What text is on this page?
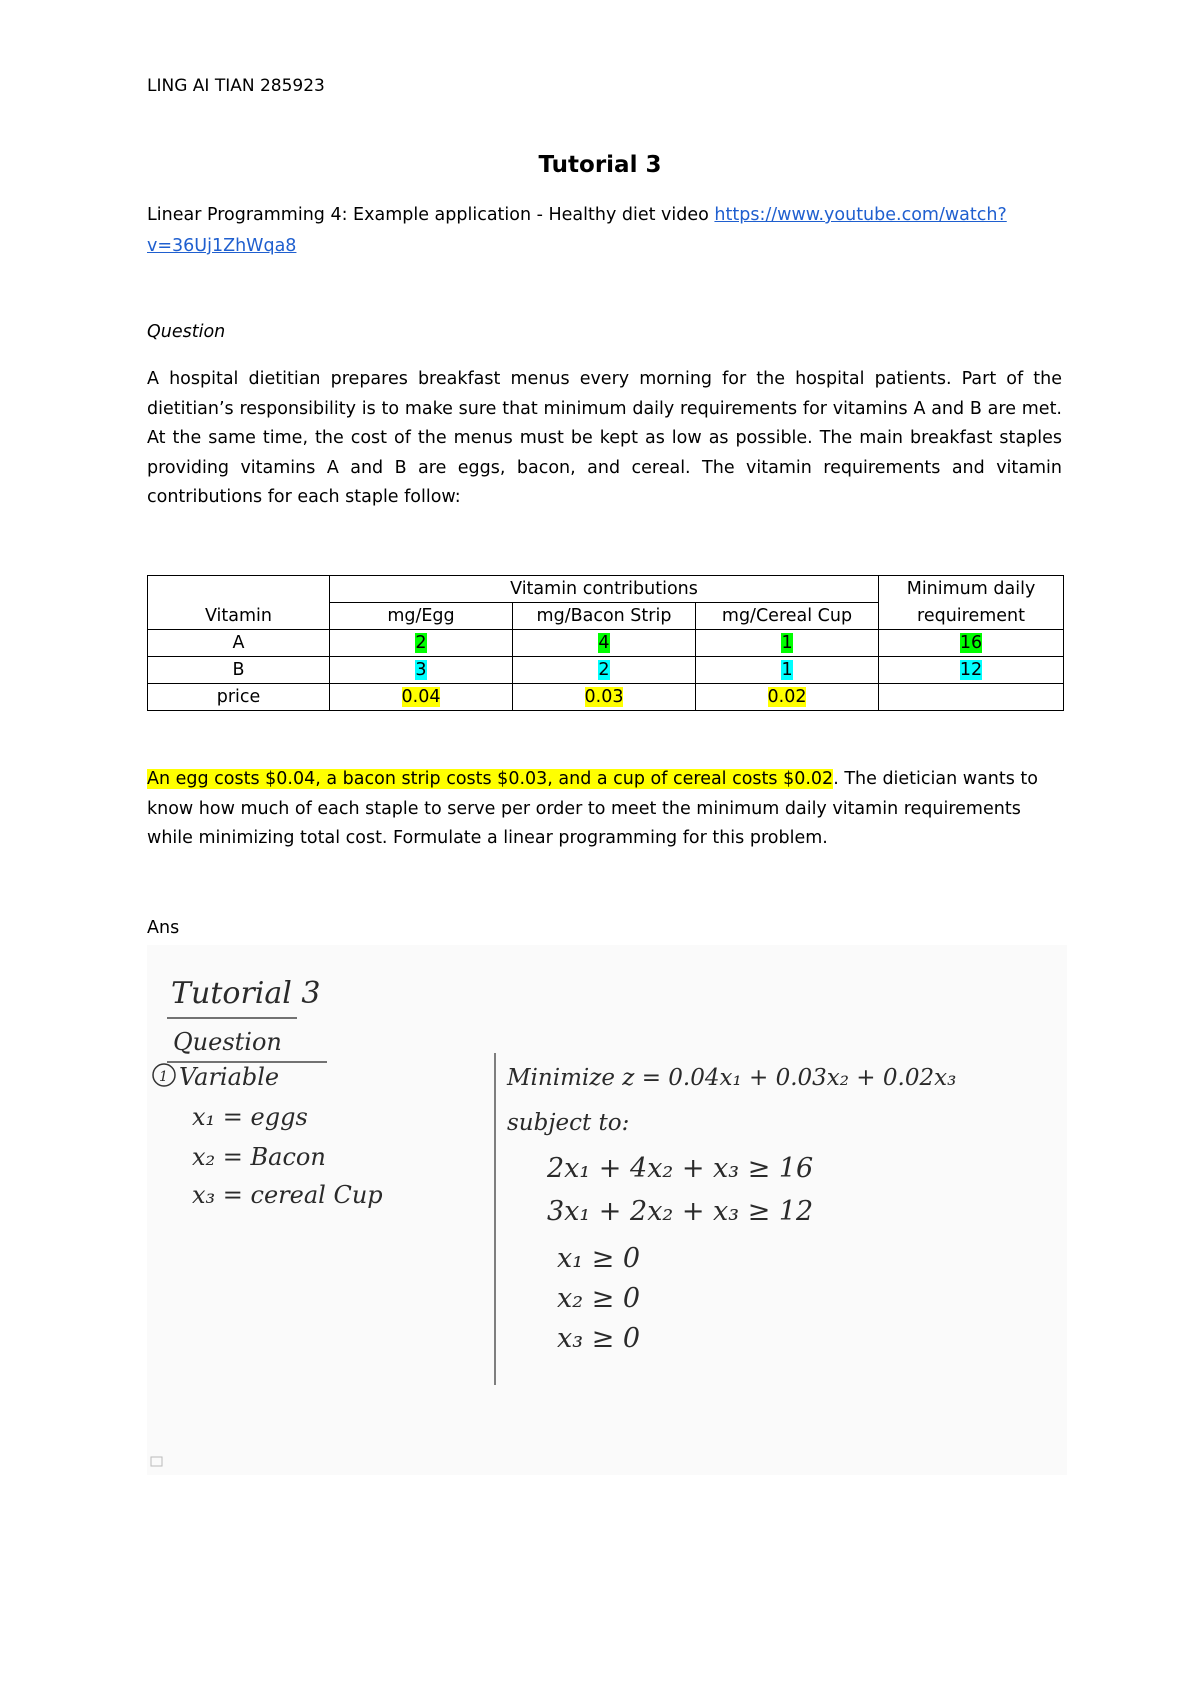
LING AI TIAN 285923
Tutorial 3
Linear Programming 4: Example application - Healthy diet video https://www.youtube.com/watch?v=36Uj1ZhWqa8
Question
A hospital dietitian prepares breakfast menus every morning for the hospital patients. Part of the dietitian’s responsibility is to make sure that minimum daily requirements for vitamins A and B are met. At the same time, the cost of the menus must be kept as low as possible. The main breakfast staples providing vitamins A and B are eggs, bacon, and cereal. The vitamin requirements and vitamin contributions for each staple follow:
	Vitamin contributions			Minimum daily
Vitamin	mg/Egg	mg/Bacon Strip	mg/Cereal Cup	requirement
A	2	4	1	16
B	3	2	1	12
price	0.04	0.03	0.02	
An egg costs $0.04, a bacon strip costs $0.03, and a cup of cereal costs $0.02. The dietician wants to know how much of each staple to serve per order to meet the minimum daily vitamin requirements while minimizing total cost. Formulate a linear programming for this problem.
Ans
Tutorial 3
Question
1 Variable
x₁ = eggs
x₂ = Bacon
x₃ = cereal Cup
Minimize z = 0.04x₁ + 0.03x₂ + 0.02x₃
subject to:
2x₁ + 4x₂ + x₃ ≥ 16
3x₁ + 2x₂ + x₃ ≥ 12
x₁ ≥ 0
x₂ ≥ 0
x₃ ≥ 0
